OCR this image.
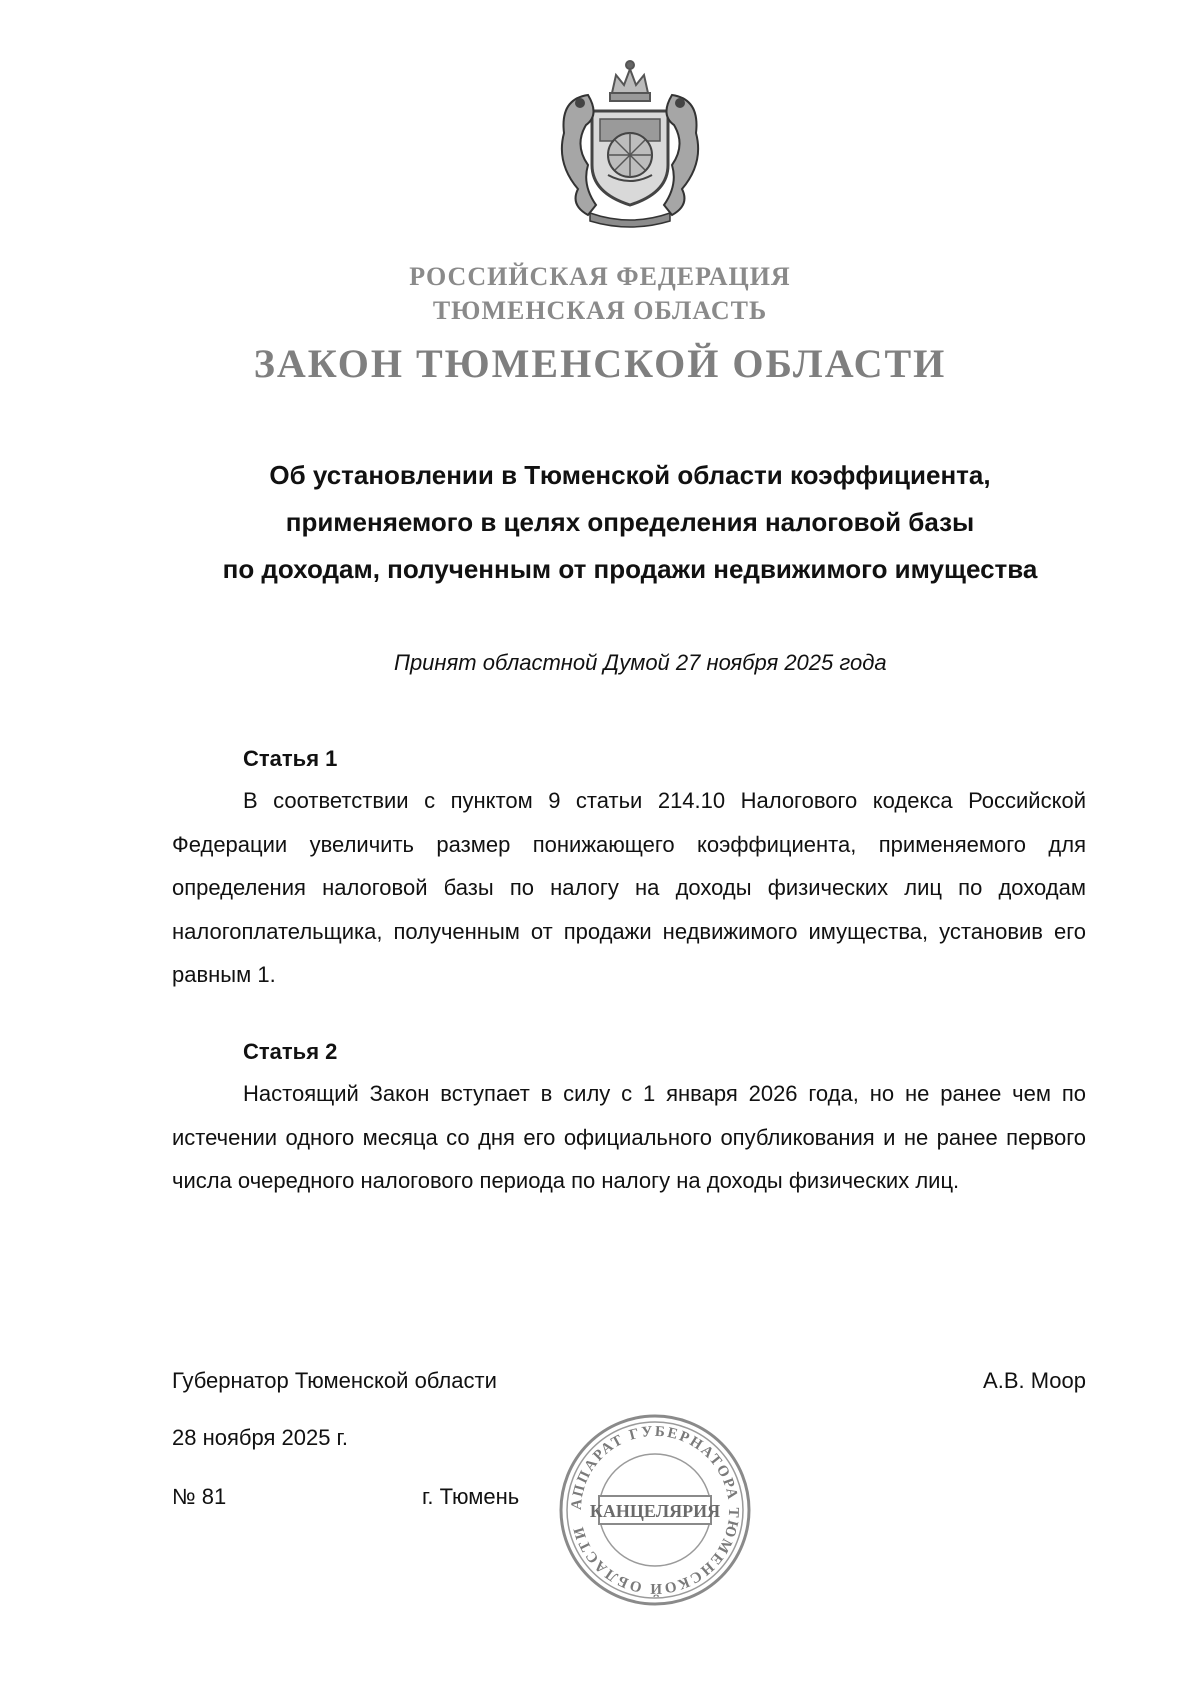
РОССИЙСКАЯ ФЕДЕРАЦИЯ
ТЮМЕНСКАЯ ОБЛАСТЬ
ЗАКОН ТЮМЕНСКОЙ ОБЛАСТИ
Об установлении в Тюменской области коэффициента,
применяемого в целях определения налоговой базы
по доходам, полученным от продажи недвижимого имущества
Принят областной Думой 27 ноября 2025 года
Статья 1
В соответствии с пунктом 9 статьи 214.10 Налогового кодекса Российской Федерации увеличить размер понижающего коэффициента, применяемого для определения налоговой базы по налогу на доходы физических лиц по доходам налогоплательщика, полученным от продажи недвижимого имущества, установив его равным 1.
Статья 2
Настоящий Закон вступает в силу с 1 января 2026 года, но не ранее чем по истечении одного месяца со дня его официального опубликования и не ранее первого числа очередного налогового периода по налогу на доходы физических лиц.
Губернатор Тюменской области	А.В. Моор
28 ноября 2025 г.
№ 81	г. Тюмень	АППАРАТ ГУБЕРНАТОРА ТЮМЕНСКОЙ ОБЛАСТИ
КАНЦЕЛЯРИЯ
